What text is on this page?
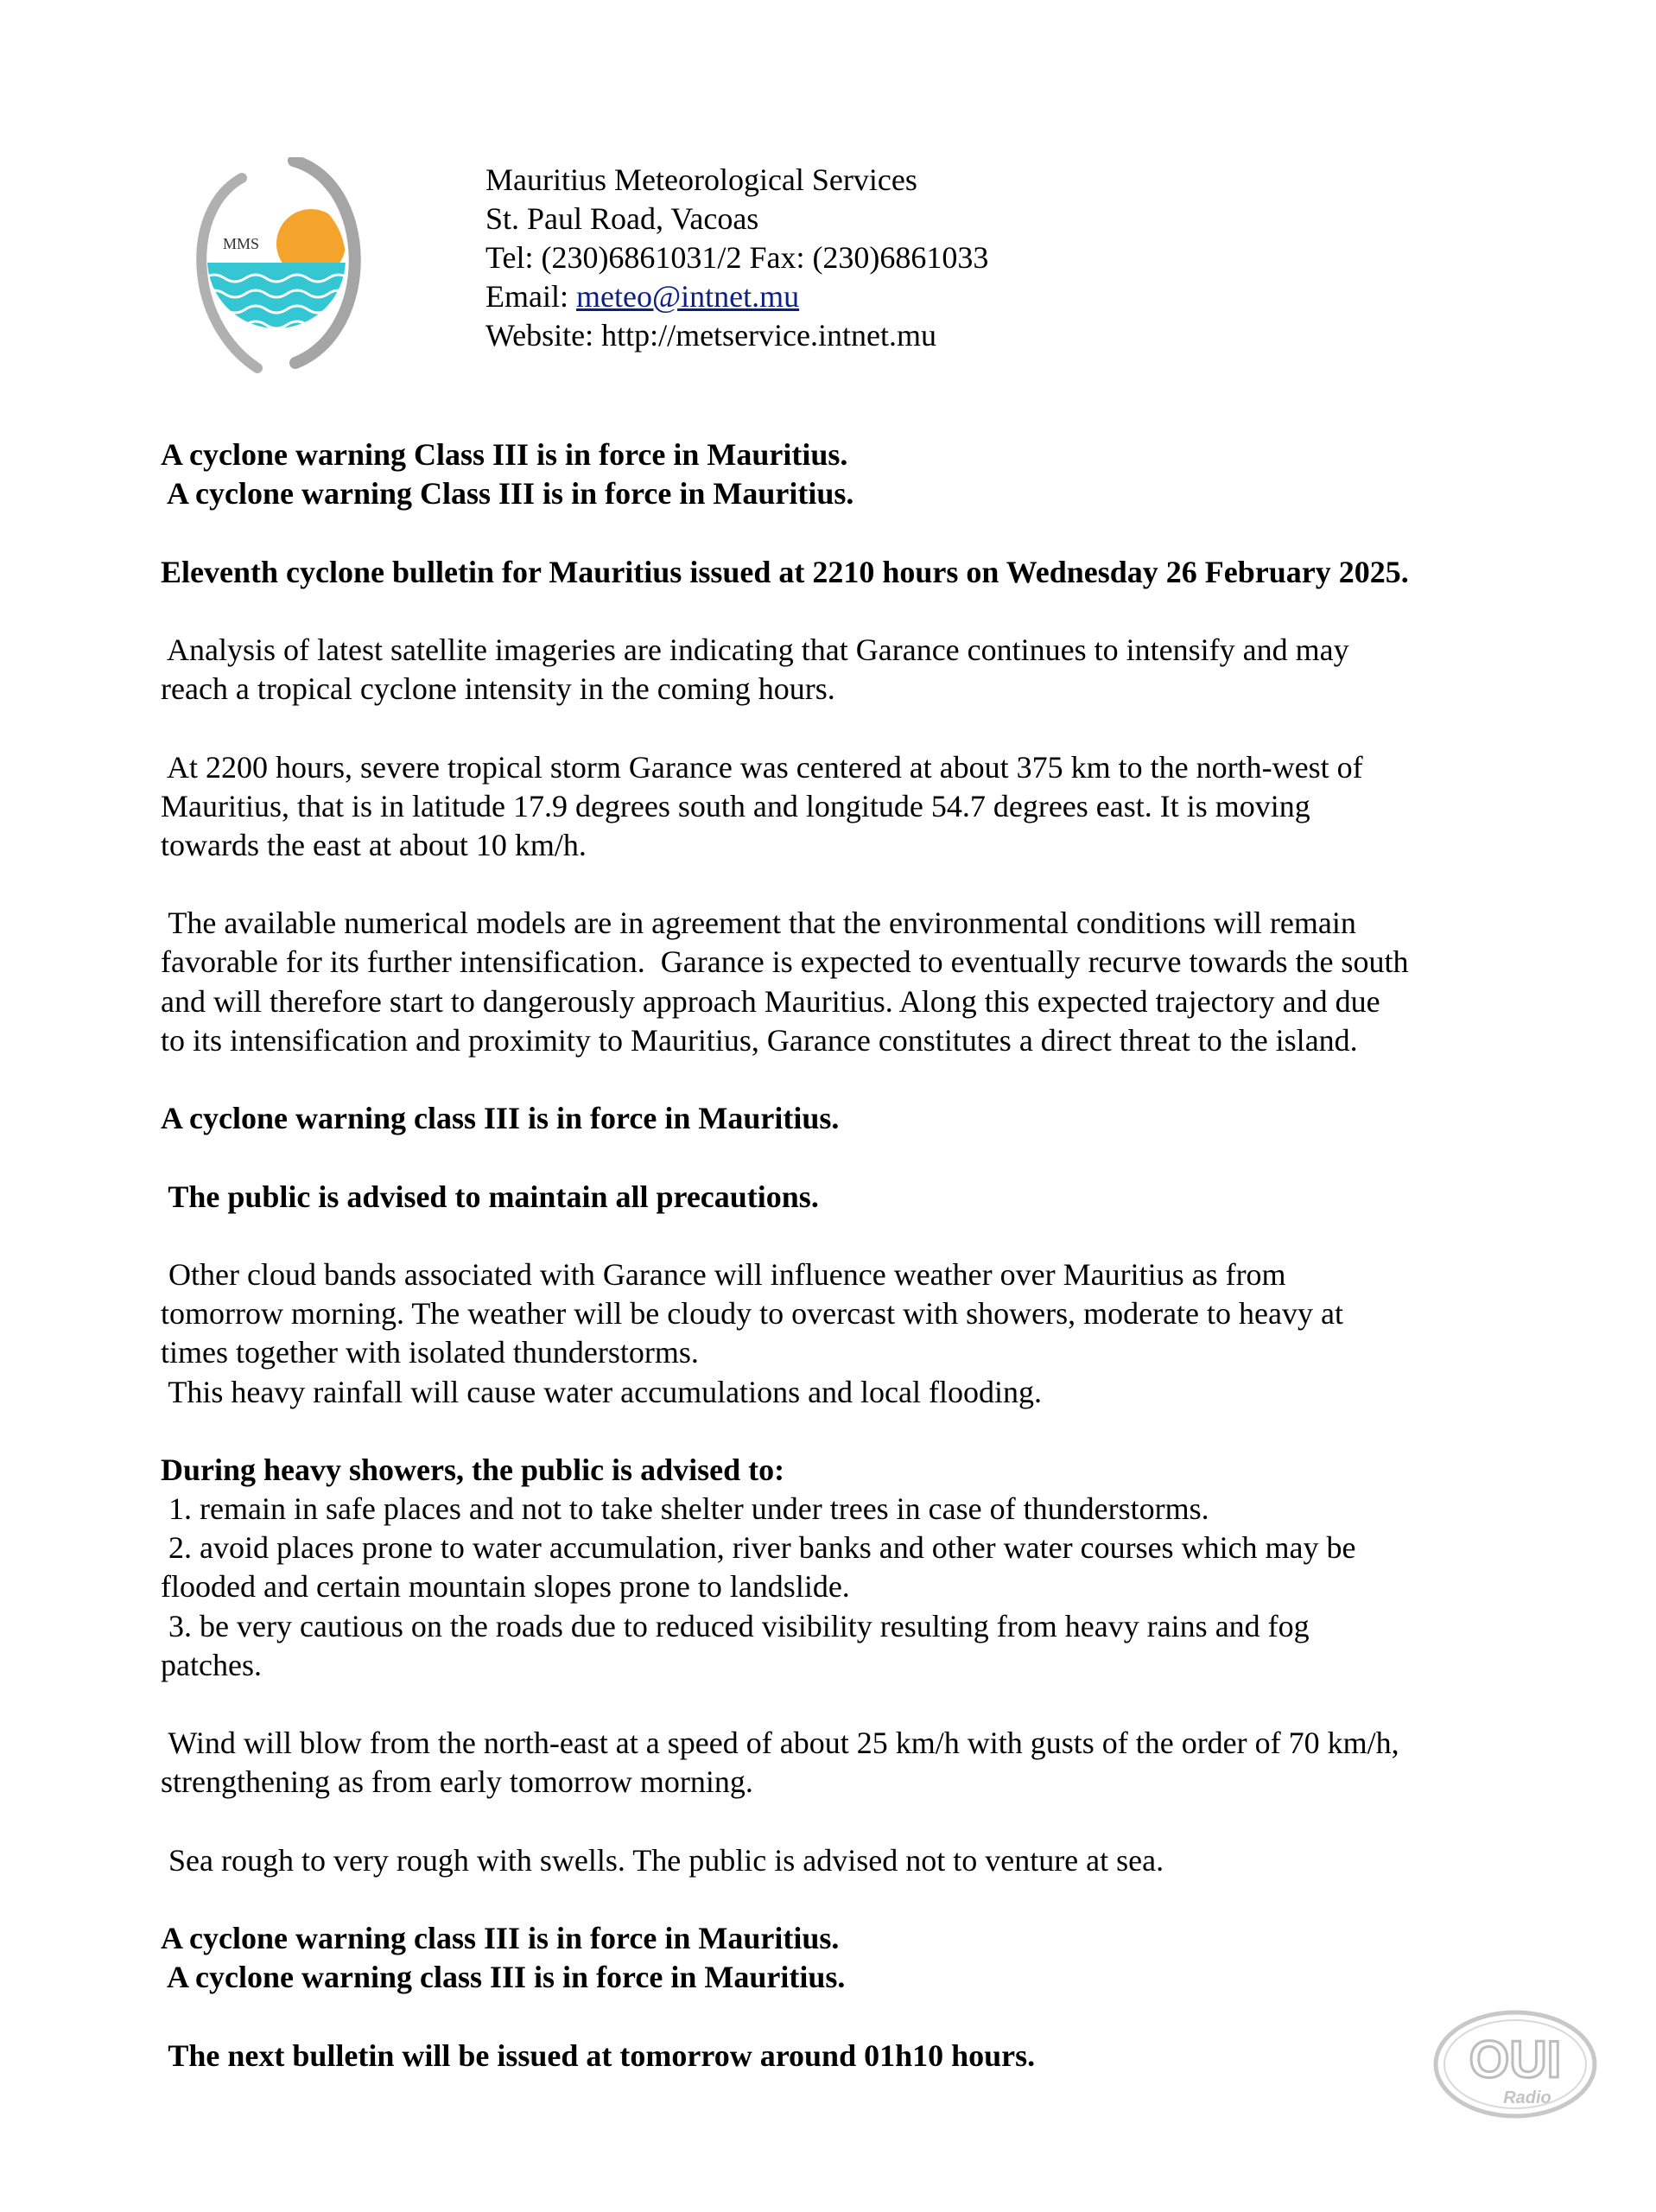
MMS
Mauritius Meteorological Services
St. Paul Road, Vacoas
Tel: (230)6861031/2 Fax: (230)6861033
Email: meteo@intnet.mu
Website: http://metservice.intnet.mu
A cyclone warning Class III is in force in Mauritius.
A cyclone warning Class III is in force in Mauritius.
Eleventh cyclone bulletin for Mauritius issued at 2210 hours on Wednesday 26 February 2025.
Analysis of latest satellite imageries are indicating that Garance continues to intensify and may
reach a tropical cyclone intensity in the coming hours.
At 2200 hours, severe tropical storm Garance was centered at about 375 km to the north-west of
Mauritius, that is in latitude 17.9 degrees south and longitude 54.7 degrees east. It is moving
towards the east at about 10 km/h.
The available numerical models are in agreement that the environmental conditions will remain
favorable for its further intensification.  Garance is expected to eventually recurve towards the south
and will therefore start to dangerously approach Mauritius. Along this expected trajectory and due
to its intensification and proximity to Mauritius, Garance constitutes a direct threat to the island.
A cyclone warning class III is in force in Mauritius.
The public is advised to maintain all precautions.
Other cloud bands associated with Garance will influence weather over Mauritius as from
tomorrow morning. The weather will be cloudy to overcast with showers, moderate to heavy at
times together with isolated thunderstorms.
This heavy rainfall will cause water accumulations and local flooding.
During heavy showers, the public is advised to:
1. remain in safe places and not to take shelter under trees in case of thunderstorms.
2. avoid places prone to water accumulation, river banks and other water courses which may be
flooded and certain mountain slopes prone to landslide.
3. be very cautious on the roads due to reduced visibility resulting from heavy rains and fog
patches.
Wind will blow from the north-east at a speed of about 25 km/h with gusts of the order of 70 km/h,
strengthening as from early tomorrow morning.
Sea rough to very rough with swells. The public is advised not to venture at sea.
A cyclone warning class III is in force in Mauritius.
A cyclone warning class III is in force in Mauritius.
The next bulletin will be issued at tomorrow around 01h10 hours.	OUI
Radio
